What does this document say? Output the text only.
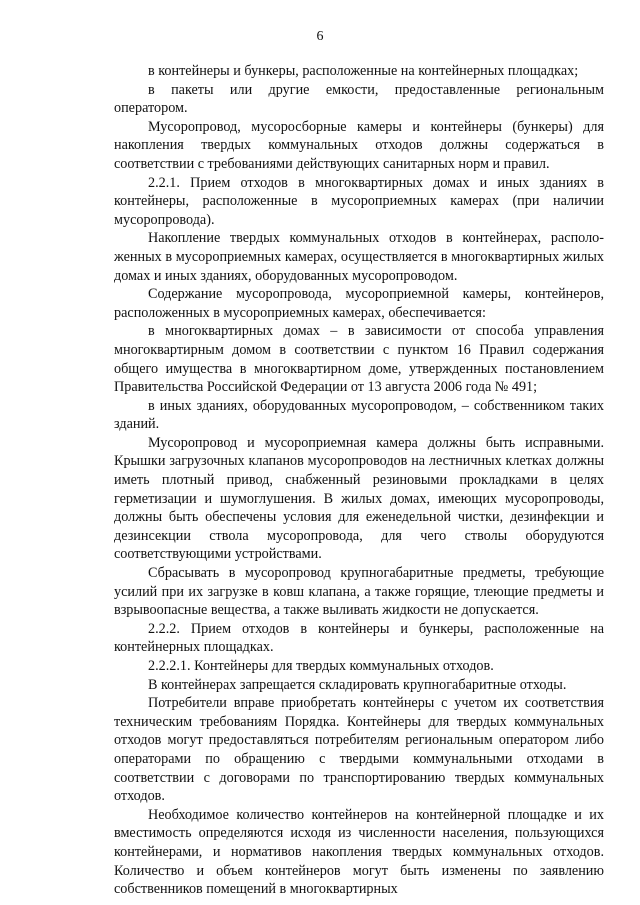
6

в контейнеры и бункеры, расположенные на контейнерных площадках;

в пакеты или другие емкости, предоставленные региональным оператором.

Мусоропровод, мусоросборные камеры и контейнеры (бункеры) для накопления твердых коммунальных отходов должны содержаться в соответствии с требованиями действующих санитарных норм и правил.

2.2.1. Прием отходов в многоквартирных домах и иных зданиях в контейнеры, расположенные в мусороприемных камерах (при наличии мусоропровода).

Накопление твердых коммунальных отходов в контейнерах, расположенных в мусороприемных камерах, осуществляется в многоквартирных жилых домах и иных зданиях, оборудованных мусоропроводом.

Содержание мусоропровода, мусороприемной камеры, контейнеров, расположенных в мусороприемных камерах, обеспечивается:

в многоквартирных домах – в зависимости от способа управления многоквартирным домом в соответствии с пунктом 16 Правил содержания общего имущества в многоквартирном доме, утвержденных постановлением Правительства Российской Федерации от 13 августа 2006 года № 491;

в иных зданиях, оборудованных мусоропроводом, – собственником таких зданий.

Мусоропровод и мусороприемная камера должны быть исправными. Крышки загрузочных клапанов мусоропроводов на лестничных клетках должны иметь плотный привод, снабженный резиновыми прокладками в целях герметизации и шумоглушения. В жилых домах, имеющих мусоропроводы, должны быть обеспечены условия для еженедельной чистки, дезинфекции и дезинсекции ствола мусоропровода, для чего стволы оборудуются соответствующими устройствами.

Сбрасывать в мусоропровод крупногабаритные предметы, требующие усилий при их загрузке в ковш клапана, а также горящие, тлеющие предметы и взрывоопасные вещества, а также выливать жидкости не допускается.

2.2.2. Прием отходов в контейнеры и бункеры, расположенные на контейнерных площадках.

2.2.2.1. Контейнеры для твердых коммунальных отходов.

В контейнерах запрещается складировать крупногабаритные отходы.

Потребители вправе приобретать контейнеры с учетом их соответствия техническим требованиям Порядка. Контейнеры для твердых коммунальных отходов могут предоставляться потребителям региональным оператором либо операторами по обращению с твердыми коммунальными отходами в соответствии с договорами по транспортированию твердых коммунальных отходов.

Необходимое количество контейнеров на контейнерной площадке и их вместимость определяются исходя из численности населения, пользующихся контейнерами, и нормативов накопления твердых коммунальных отходов. Количество и объем контейнеров могут быть изменены по заявлению собственников помещений в многоквартирных
